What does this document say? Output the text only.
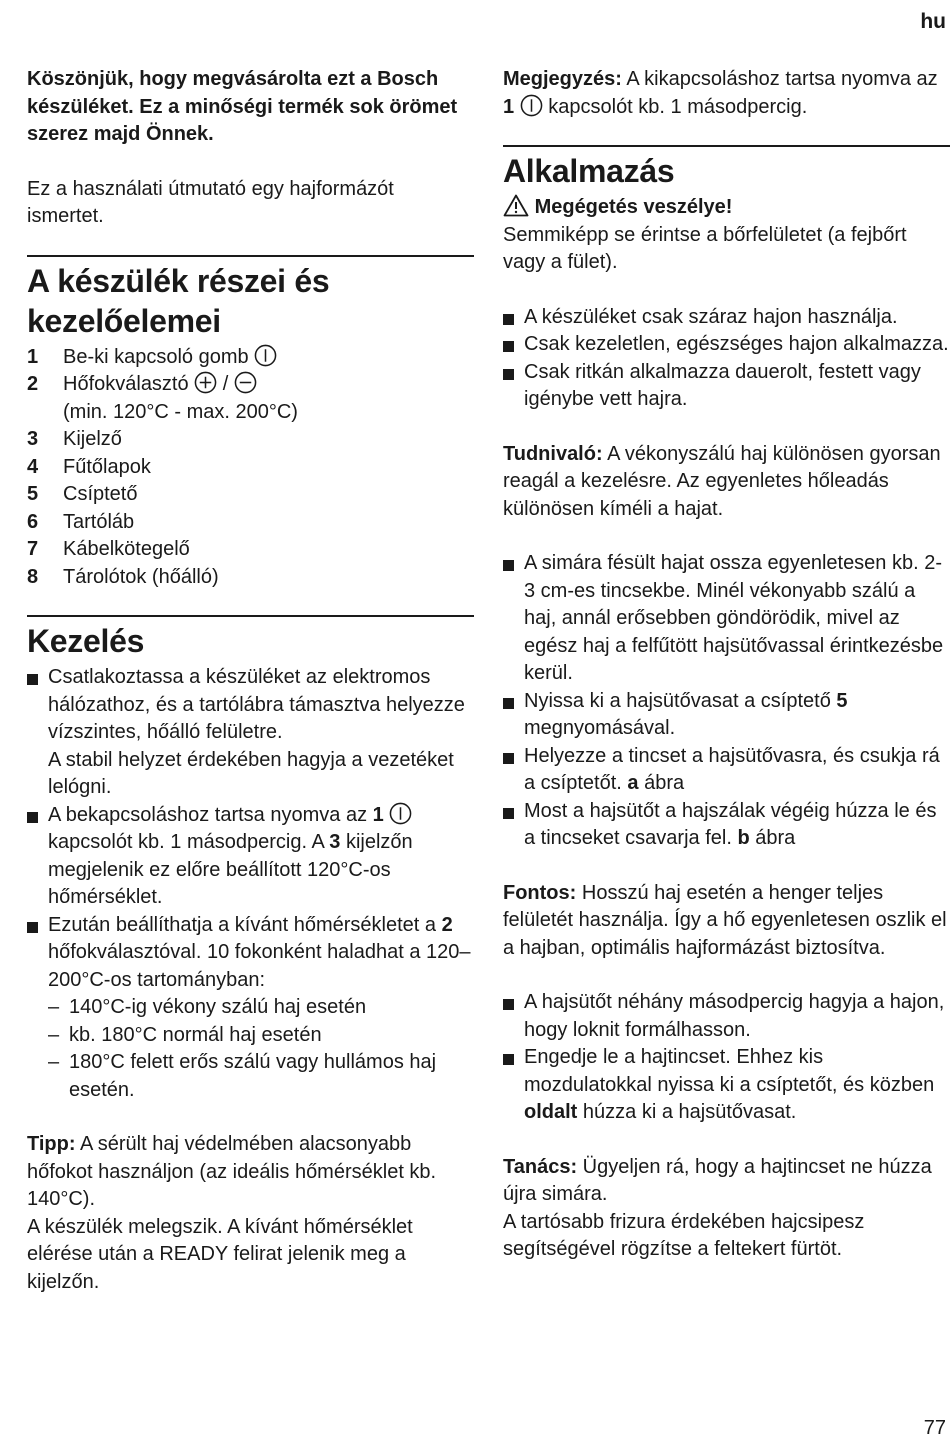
hu

Köszönjük, hogy megvásárolta ezt a Bosch készüléket. Ez a minőségi termék sok örömet szerez majd Önnek.

Ez a használati útmutató egy hajformázót ismertet.

A készülék részei és
kezelőelemei
1 Be-ki kapcsoló gomb
2 Hőfokválasztó /
(min. 120°C - max. 200°C)
3 Kijelző
4 Fűtőlapok
5 Csíptető
6 Tartóláb
7 Kábelkötegelő
8 Tárolótok (hőálló)
Kezelés
Csatlakoztassa a készüléket az elektromos hálózathoz, és a tartólábra támasztva helyezze vízszintes, hőálló felületre.
A stabil helyzet érdekében hagyja a vezetéket lelógni.
A bekapcsoláshoz tartsa nyomva az 1  kapcsolót kb. 1 másodpercig. A 3 kijelzőn megjelenik ez előre beállított 120°C-os hőmérséklet.
Ezután beállíthatja a kívánt hőmérsékletet a 2 hőfokválasztóval. 10 fokonként haladhat a 120–200°C-os tartományban:
– 140°C-ig vékony szálú haj esetén
– kb. 180°C normál haj esetén
– 180°C felett erős szálú vagy hullámos haj esetén.

Tipp: A sérült haj védelmében alacsonyabb hőfokot használjon (az ideális hőmérséklet kb. 140°C).

A készülék melegszik. A kívánt hőmérséklet elérése után a READY felirat jelenik meg a kijelzőn.

Megjegyzés: A kikapcsoláshoz tartsa nyomva az 1 kapcsolót kb. 1 másodpercig.

Alkalmazás

Megégetés veszélye!

Semmiképp se érintse a bőrfelületet (a fejbőrt vagy a fület).

A készüléket csak száraz hajon használja.
Csak kezeletlen, egészséges hajon alkalmazza.
Csak ritkán alkalmazza dauerolt, festett vagy igénybe vett hajra.

Tudnivaló: A vékonyszálú haj különösen gyorsan reagál a kezelésre. Az egyenletes hőleadás különösen kíméli a hajat.

A simára fésült hajat ossza egyenletesen kb. 2-3 cm-es tincsekbe. Minél vékonyabb szálú a haj, annál erősebben göndörödik, mivel az egész haj a felfűtött hajsütővassal érintkezésbe kerül.
Nyissa ki a hajsütővasat a csíptető 5 megnyomásával.
Helyezze a tincset a hajsütővasra, és csukja rá a csíptetőt. a ábra
Most a hajsütőt a hajszálak végéig húzza le és a tincseket csavarja fel. b ábra

Fontos: Hosszú haj esetén a henger teljes felületét használja. Így a hő egyenletesen oszlik el a hajban, optimális hajformázást biztosítva.

A hajsütőt néhány másodpercig hagyja a hajon, hogy loknit formálhasson.
Engedje le a hajtincset. Ehhez kis mozdulatokkal nyissa ki a csíptetőt, és közben oldalt húzza ki a hajsütővasat.

Tanács: Ügyeljen rá, hogy a hajtincset ne húzza újra simára.

A tartósabb frizura érdekében hajcsipesz segítségével rögzítse a feltekert fürtöt.

77
